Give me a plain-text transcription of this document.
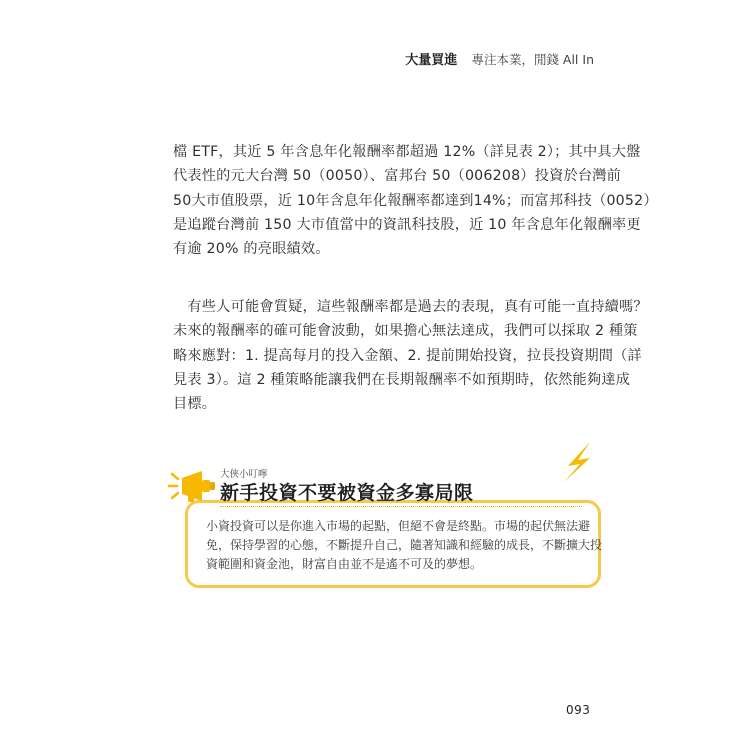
大量買進 專注本業，閒錢 All In
檔 ETF，其近 5 年含息年化報酬率都超過 12%（詳見表 2）；其中具大盤
代表性的元大台灣 50（0050）、富邦台 50（006208）投資於台灣前
50大市值股票，近 10年含息年化報酬率都達到14%；而富邦科技（0052）
是追蹤台灣前 150 大市值當中的資訊科技股，近 10 年含息年化報酬率更
有逾 20% 的亮眼績效。
　有些人可能會質疑，這些報酬率都是過去的表現，真有可能一直持續嗎？
未來的報酬率的確可能會波動，如果擔心無法達成，我們可以採取 2 種策
略來應對：1. 提高每月的投入金額、2. 提前開始投資，拉長投資期間（詳
見表 3）。這 2 種策略能讓我們在長期報酬率不如預期時，依然能夠達成
目標。
小資投資可以是你進入市場的起點，但絕不會是終點。市場的起伏無法避
免，保持學習的心態，不斷提升自己，隨著知識和經驗的成長，不斷擴大投
資範圍和資金池，財富自由並不是遙不可及的夢想。
大俠小叮嚀
新手投資不要被資金多寡局限
093
